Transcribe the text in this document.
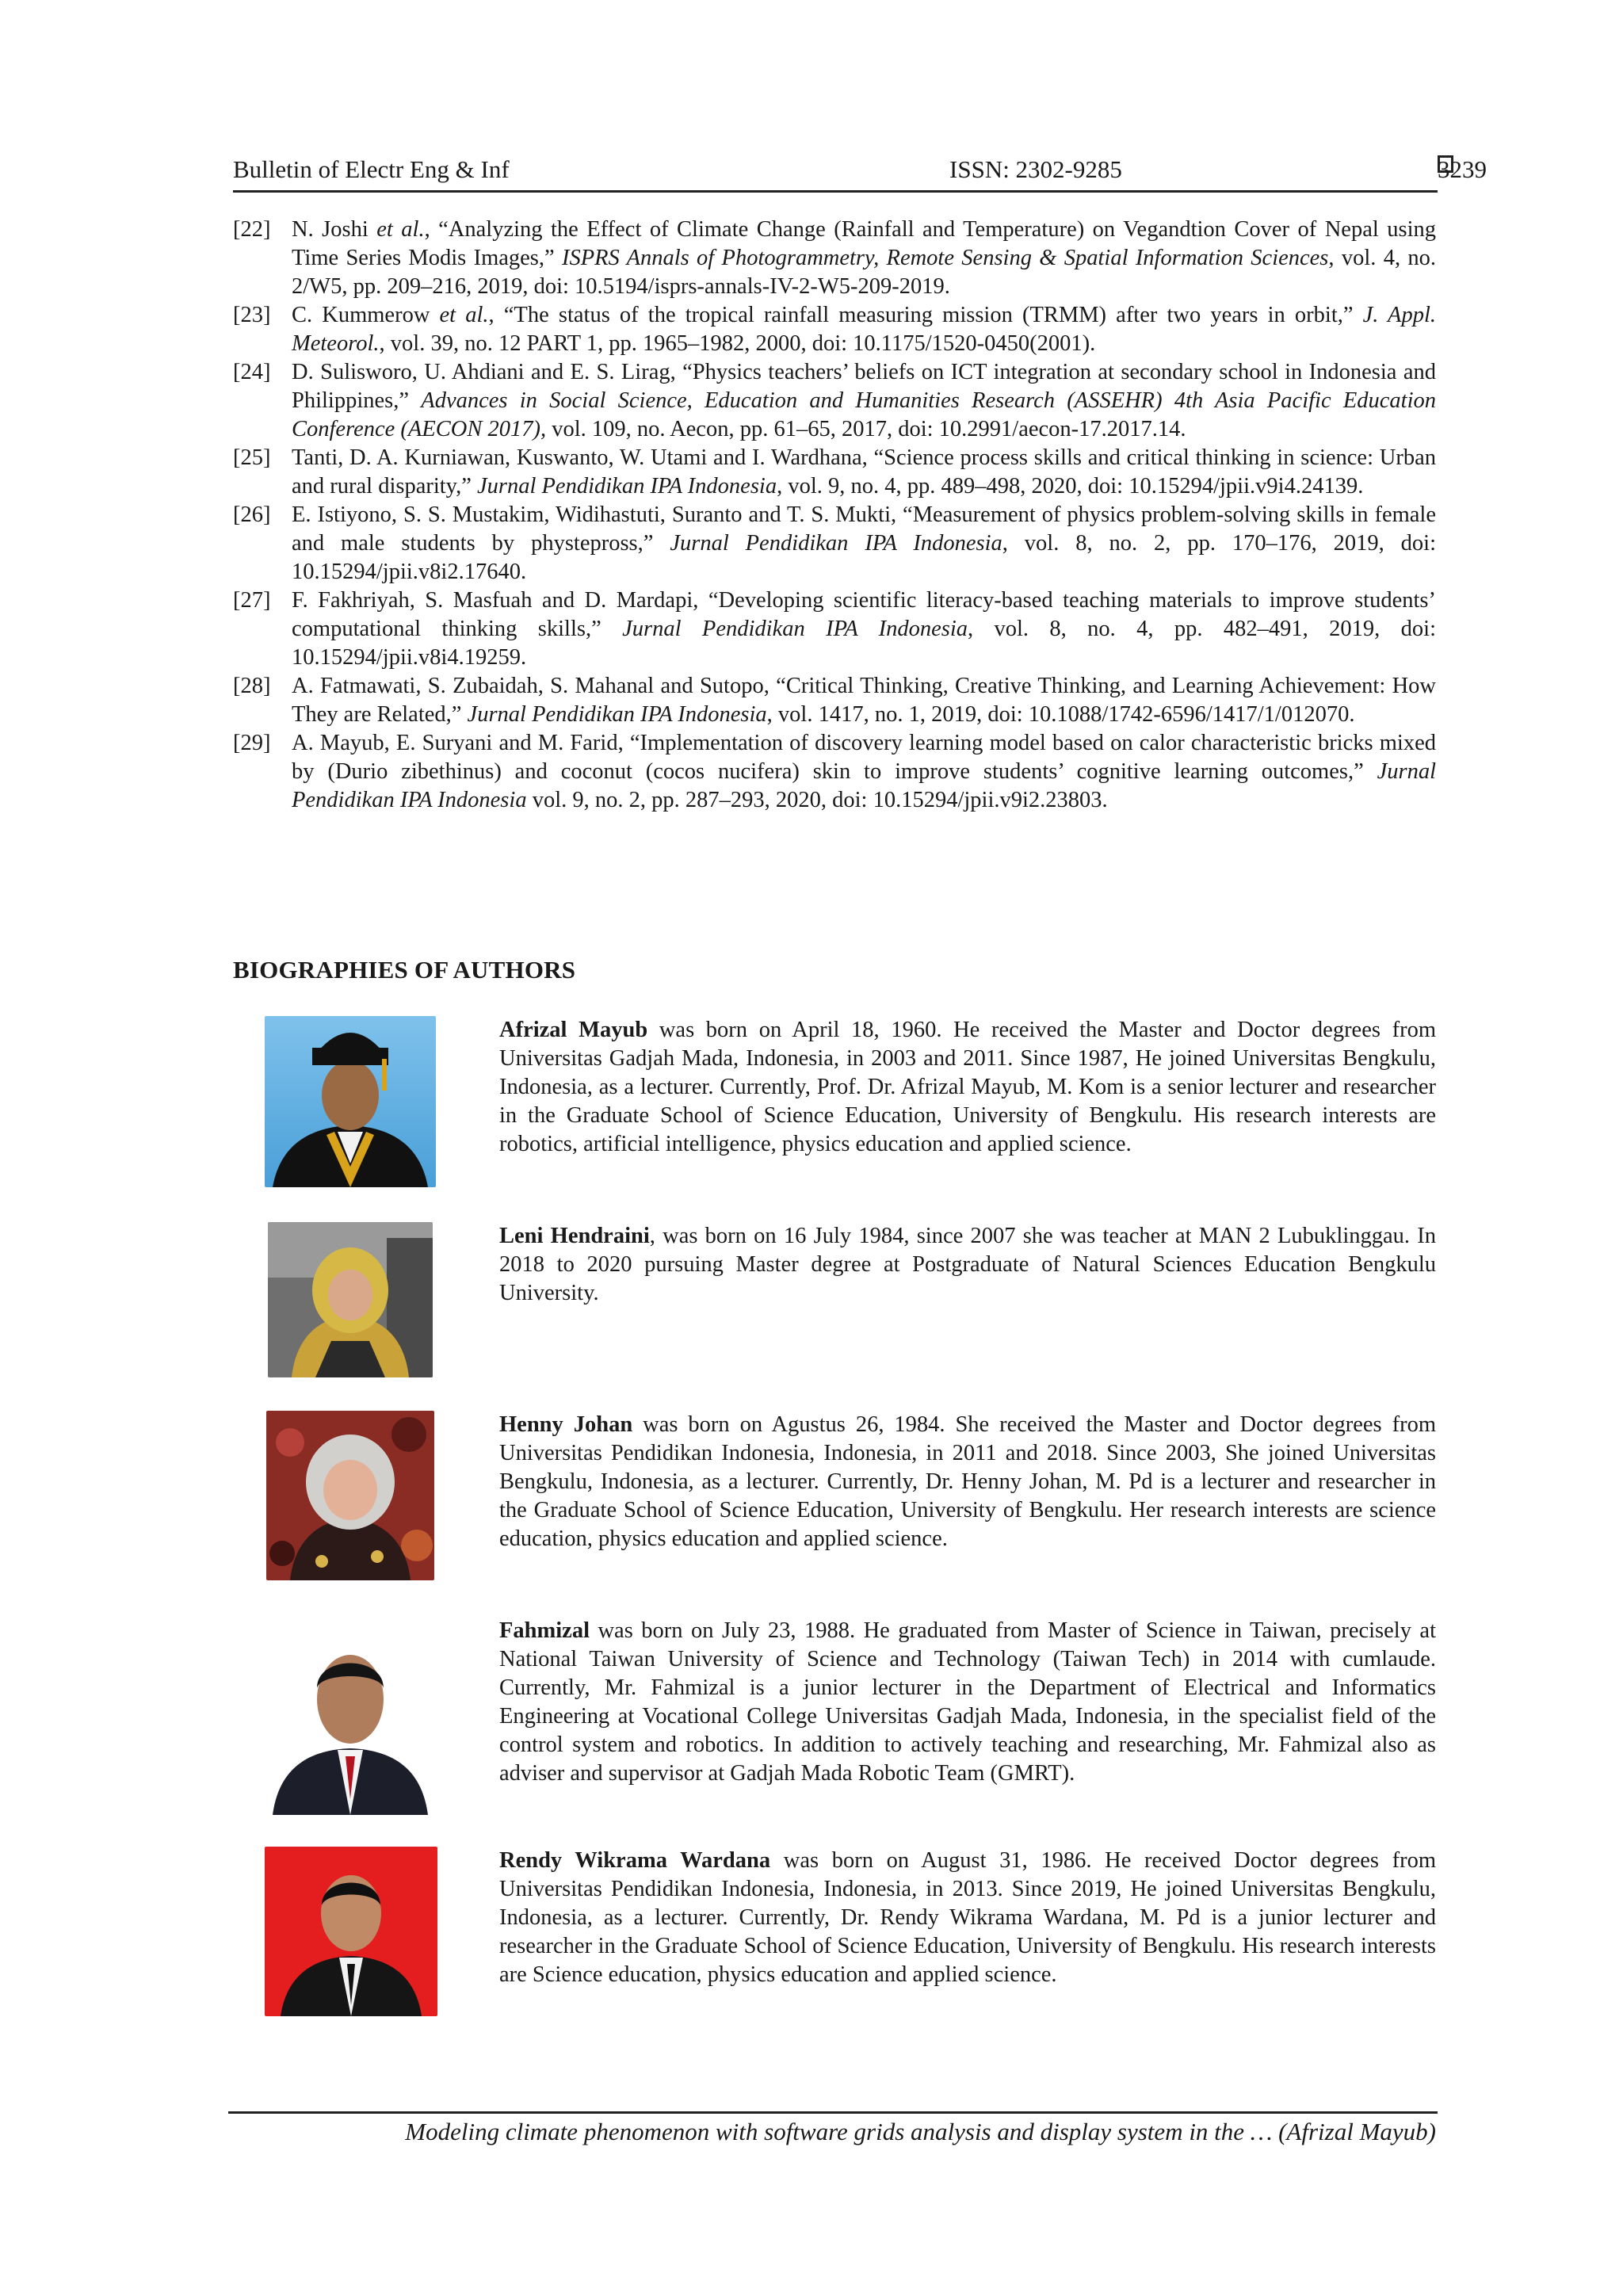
Bulletin of Electr Eng & Inf	ISSN: 2302-9285	3239
[22] N. Joshi et al., “Analyzing the Effect of Climate Change (Rainfall and Temperature) on Vegandtion Cover of Nepal using Time Series Modis Images,” ISPRS Annals of Photogrammetry, Remote Sensing & Spatial Information Sciences, vol. 4, no. 2/W5, pp. 209–216, 2019, doi: 10.5194/isprs-annals-IV-2-W5-209-2019.
[23] C. Kummerow et al., “The status of the tropical rainfall measuring mission (TRMM) after two years in orbit,” J. Appl. Meteorol., vol. 39, no. 12 PART 1, pp. 1965–1982, 2000, doi: 10.1175/1520-0450(2001).
[24] D. Sulisworo, U. Ahdiani and E. S. Lirag, “Physics teachers’ beliefs on ICT integration at secondary school in Indonesia and Philippines,” Advances in Social Science, Education and Humanities Research (ASSEHR) 4th Asia Pacific Education Conference (AECON 2017), vol. 109, no. Aecon, pp. 61–65, 2017, doi: 10.2991/aecon-17.2017.14.
[25] Tanti, D. A. Kurniawan, Kuswanto, W. Utami and I. Wardhana, “Science process skills and critical thinking in science: Urban and rural disparity,” Jurnal Pendidikan IPA Indonesia, vol. 9, no. 4, pp. 489–498, 2020, doi: 10.15294/jpii.v9i4.24139.
[26] E. Istiyono, S. S. Mustakim, Widihastuti, Suranto and T. S. Mukti, “Measurement of physics problem-solving skills in female and male students by phystepross,” Jurnal Pendidikan IPA Indonesia, vol. 8, no. 2, pp. 170–176, 2019, doi: 10.15294/jpii.v8i2.17640.
[27] F. Fakhriyah, S. Masfuah and D. Mardapi, “Developing scientific literacy-based teaching materials to improve students’ computational thinking skills,” Jurnal Pendidikan IPA Indonesia, vol. 8, no. 4, pp. 482–491, 2019, doi: 10.15294/jpii.v8i4.19259.
[28] A. Fatmawati, S. Zubaidah, S. Mahanal and Sutopo, “Critical Thinking, Creative Thinking, and Learning Achievement: How They are Related,” Jurnal Pendidikan IPA Indonesia, vol. 1417, no. 1, 2019, doi: 10.1088/1742-6596/1417/1/012070.
[29] A. Mayub, E. Suryani and M. Farid, “Implementation of discovery learning model based on calor characteristic bricks mixed by (Durio zibethinus) and coconut (cocos nucifera) skin to improve students’ cognitive learning outcomes,” Jurnal Pendidikan IPA Indonesia vol. 9, no. 2, pp. 287–293, 2020, doi: 10.15294/jpii.v9i2.23803.
BIOGRAPHIES OF AUTHORS
Afrizal Mayub was born on April 18, 1960. He received the Master and Doctor degrees from Universitas Gadjah Mada, Indonesia, in 2003 and 2011. Since 1987, He joined Universitas Bengkulu, Indonesia, as a lecturer. Currently, Prof. Dr. Afrizal Mayub, M. Kom is a senior lecturer and researcher in the Graduate School of Science Education, University of Bengkulu. His research interests are robotics, artificial intelligence, physics education and applied science.
Leni Hendraini, was born on 16 July 1984, since 2007 she was teacher at MAN 2 Lubuklinggau. In 2018 to 2020 pursuing Master degree at Postgraduate of Natural Sciences Education Bengkulu University.
Henny Johan was born on Agustus 26, 1984. She received the Master and Doctor degrees from Universitas Pendidikan Indonesia, Indonesia, in 2011 and 2018. Since 2003, She joined Universitas Bengkulu, Indonesia, as a lecturer. Currently, Dr. Henny Johan, M. Pd is a lecturer and researcher in the Graduate School of Science Education, University of Bengkulu. Her research interests are science education, physics education and applied science.
Fahmizal was born on July 23, 1988. He graduated from Master of Science in Taiwan, precisely at National Taiwan University of Science and Technology (Taiwan Tech) in 2014 with cumlaude. Currently, Mr. Fahmizal is a junior lecturer in the Department of Electrical and Informatics Engineering at Vocational College Universitas Gadjah Mada, Indonesia, in the specialist field of the control system and robotics. In addition to actively teaching and researching, Mr. Fahmizal also as adviser and supervisor at Gadjah Mada Robotic Team (GMRT).
Rendy Wikrama Wardana was born on August 31, 1986. He received Doctor degrees from Universitas Pendidikan Indonesia, Indonesia, in 2013. Since 2019, He joined Universitas Bengkulu, Indonesia, as a lecturer. Currently, Dr. Rendy Wikrama Wardana, M. Pd is a junior lecturer and researcher in the Graduate School of Science Education, University of Bengkulu. His research interests are Science education, physics education and applied science.
Modeling climate phenomenon with software grids analysis and display system in the … (Afrizal Mayub)
